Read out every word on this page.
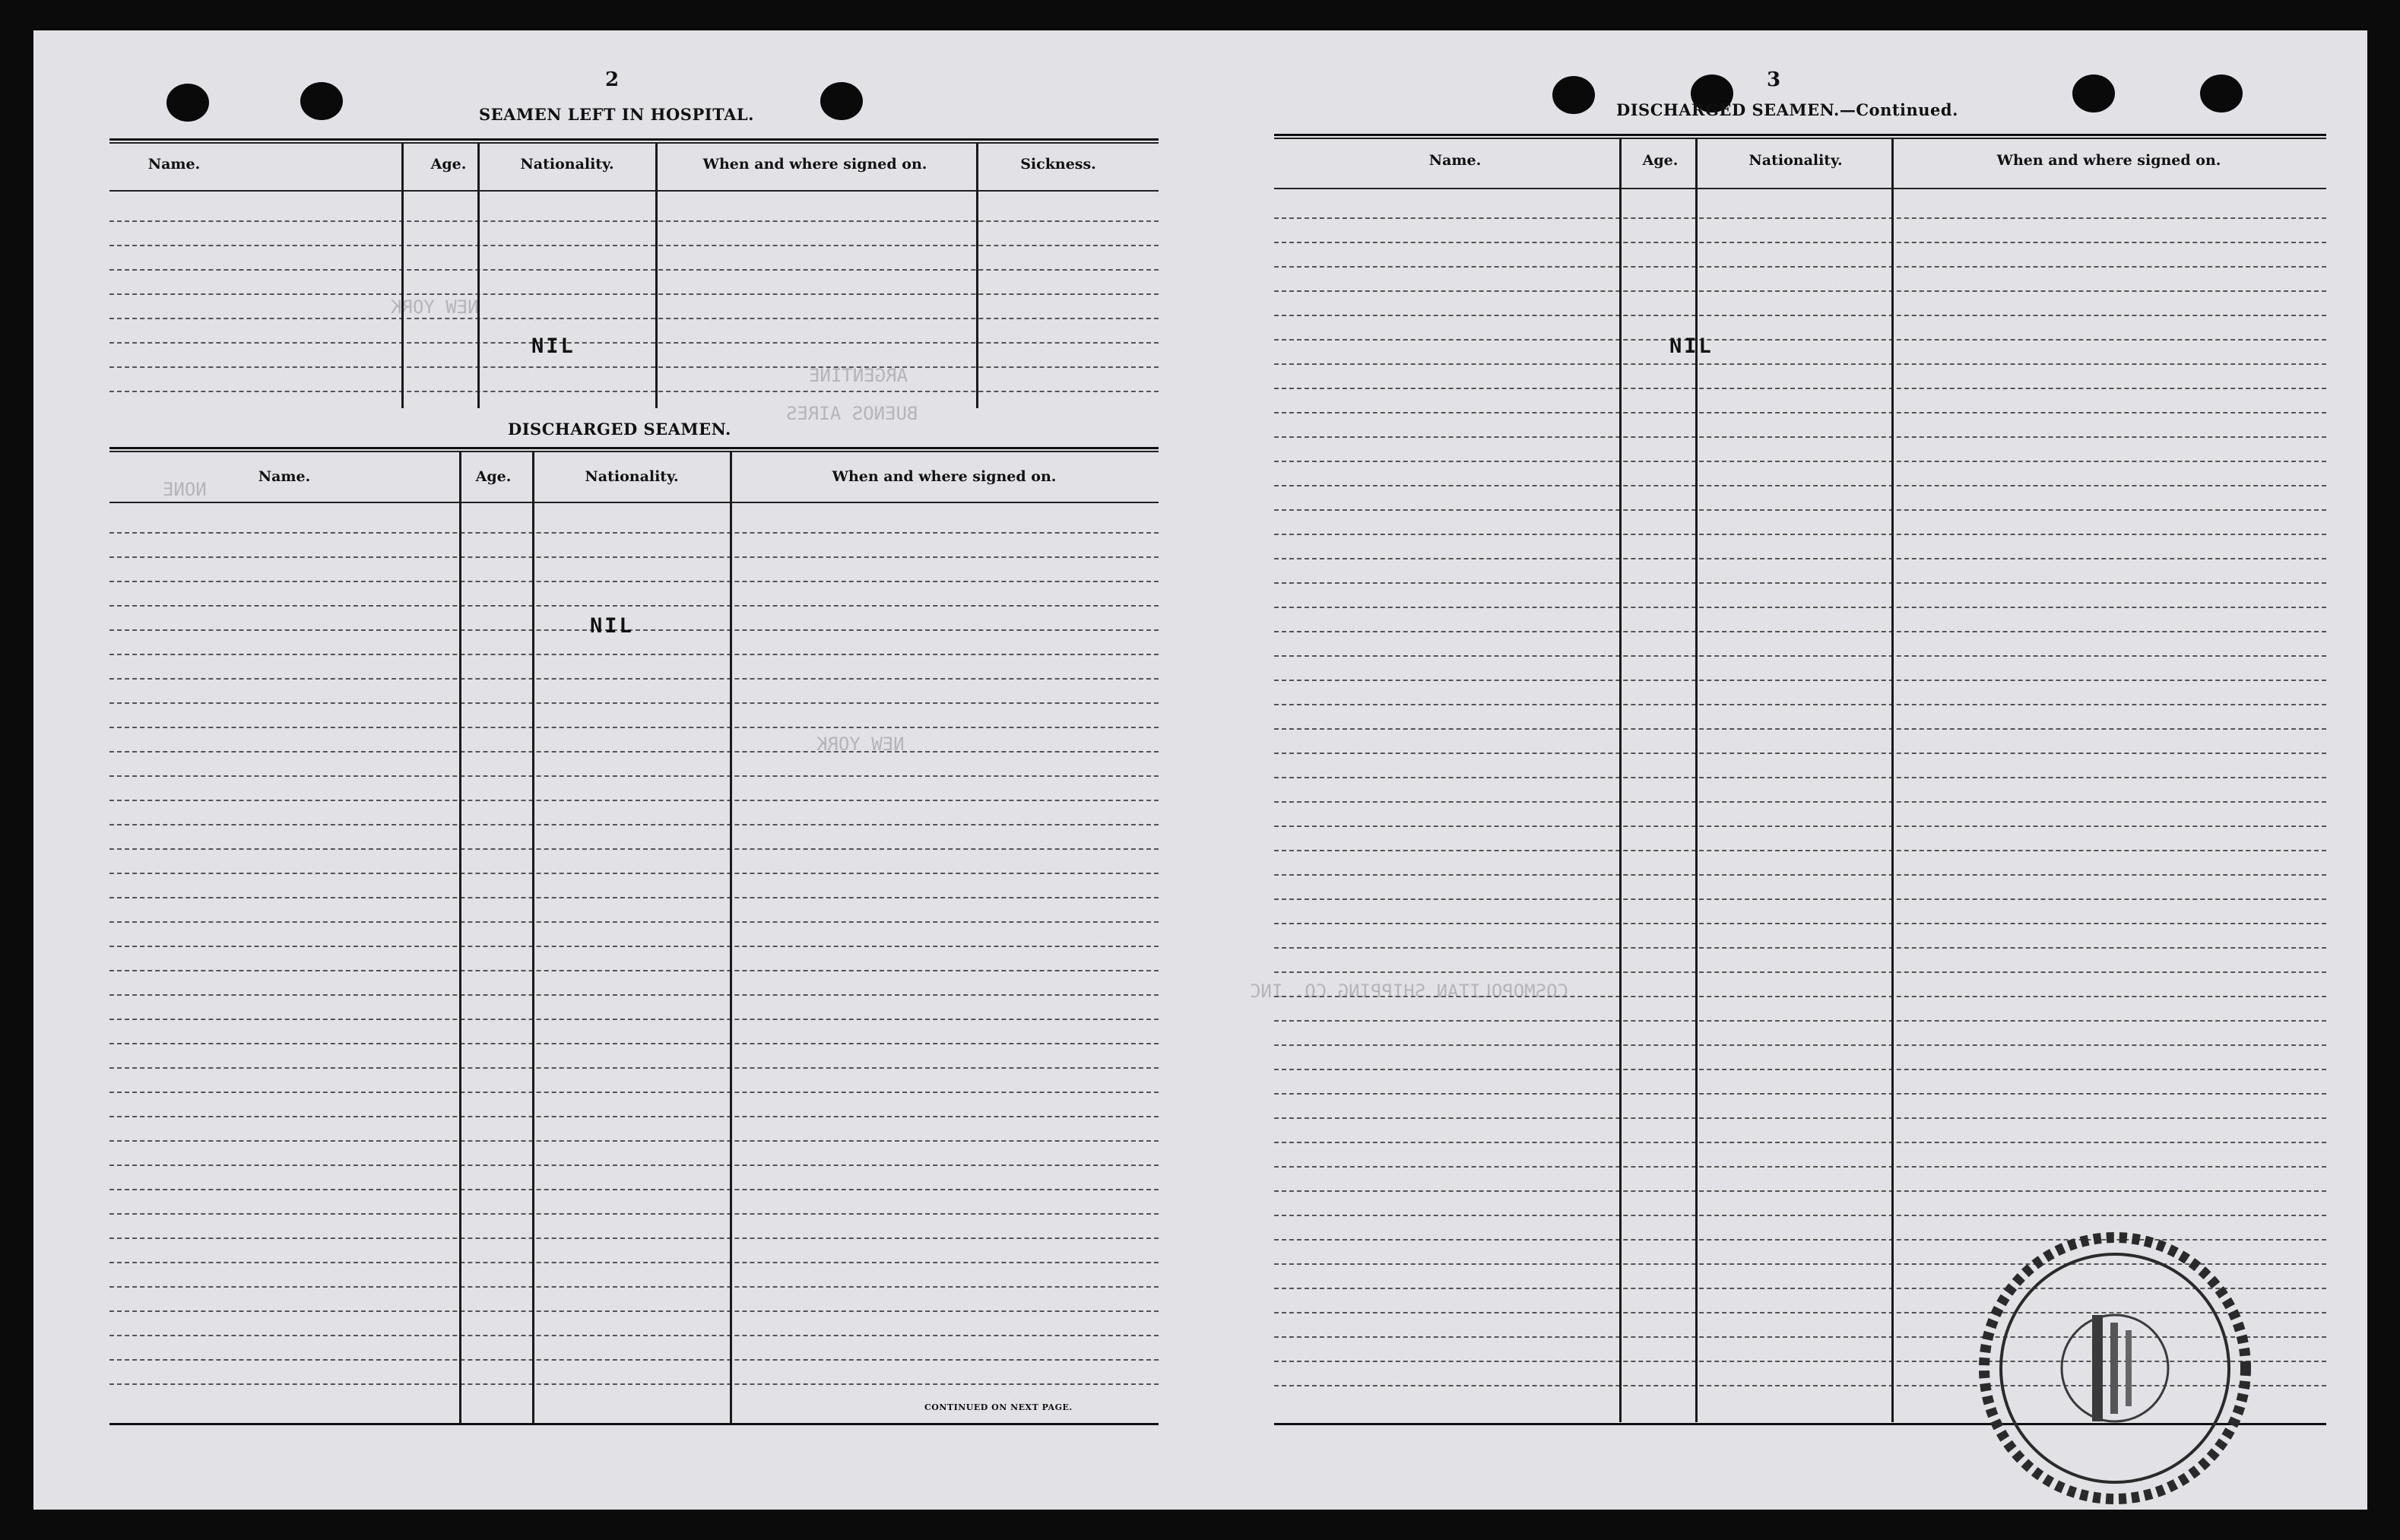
NEW YORK
ARGENTINE
BUENOS AIRES
NONE
COSMOPOLITAN SHIPPING CO. INC
NEW YORK
2
SEAMEN LEFT IN HOSPITAL.
Name.	Age.	Nationality.	When and where signed on.	Sickness.
NIL
DISCHARGED SEAMEN.
Name.	Age.	Nationality.	When and where signed on.
NIL
CONTINUED ON NEXT PAGE.
3
DISCHARGED SEAMEN.—Continued.
Name.	Age.	Nationality.	When and where signed on.
NIL
